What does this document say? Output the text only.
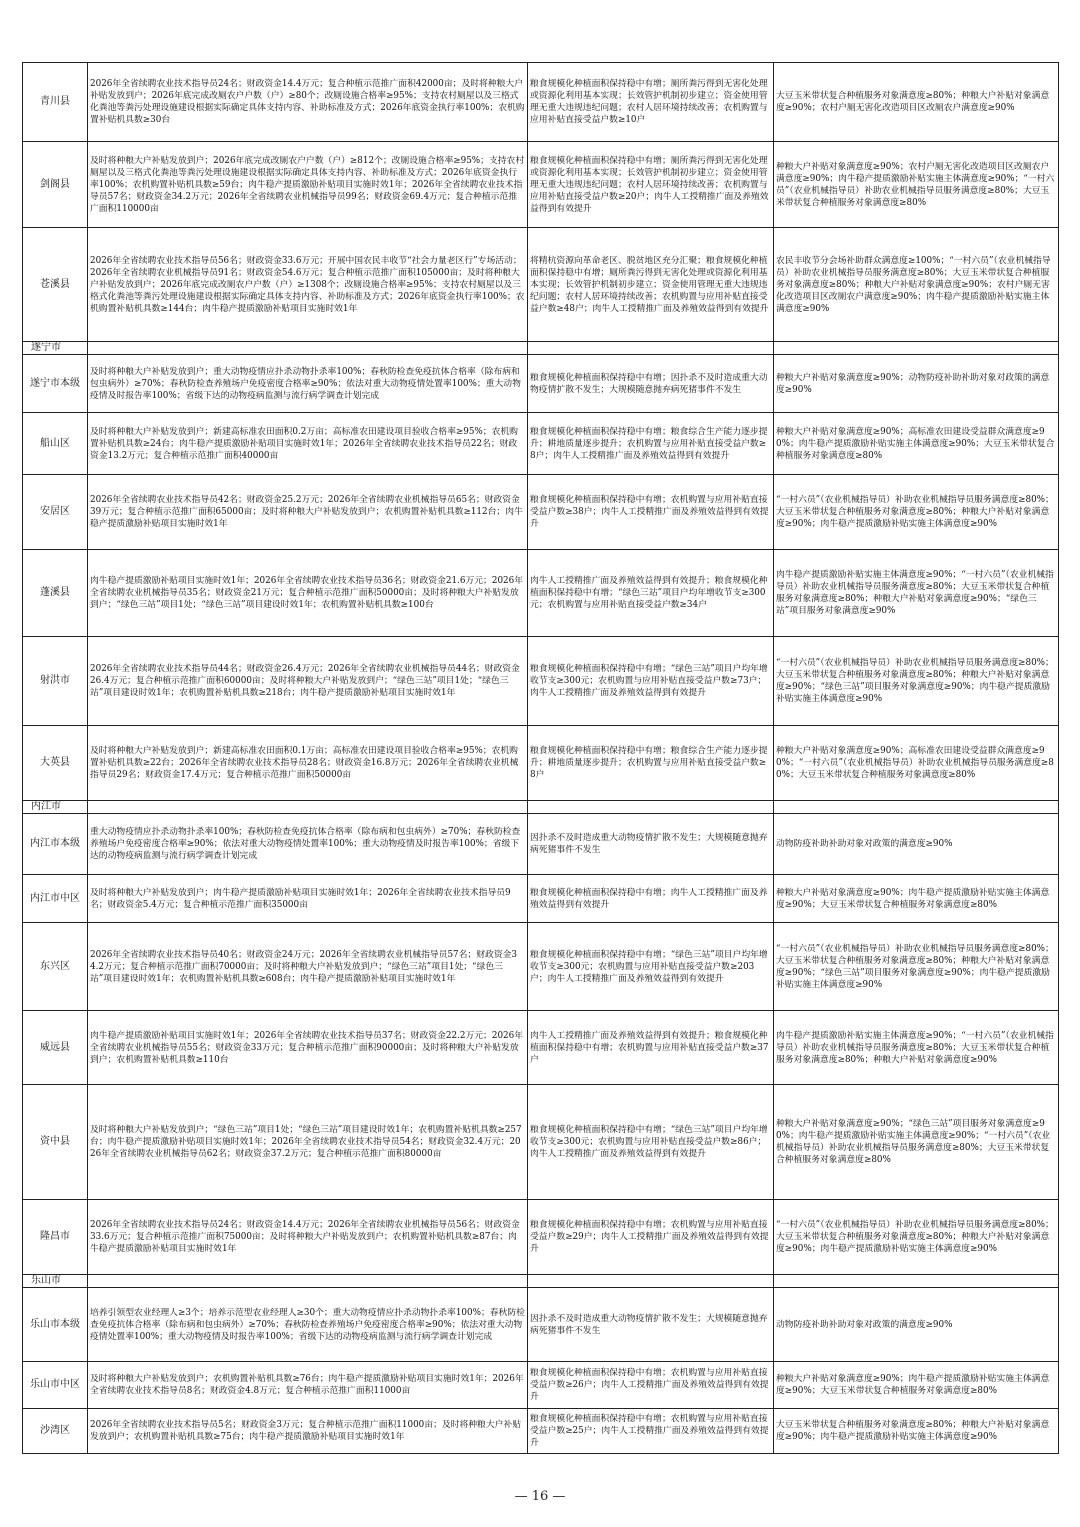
青川县	2026年全省续聘农业技术指导员24名；财政资金14.4万元；复合种植示范推广面积42000亩；及时将种粮大户补贴发放到户；2026年底完成改厕农户户数（户）≥80个；改厕设施合格率≥95%；支持农村厕屋以及三格式化粪池等粪污处理设施建设根据实际确定具体支持内容、补助标准及方式；2026年底资金执行率100%；农机购置补贴机具数≥30台	粮食规模化种植面积保持稳中有增；厕所粪污得到无害化处理或资源化利用基本实现；长效管护机制初步建立；资金使用管理无重大违规违纪问题；农村人居环境持续改善；农机购置与应用补贴直接受益户数≥10户	大豆玉米带状复合种植服务对象满意度≥80%；种粮大户补贴对象满意度≥90%；农村户厕无害化改造项目区改厕农户满意度≥90%
剑阁县	及时将种粮大户补贴发放到户；2026年底完成改厕农户户数（户）≥812个；改厕设施合格率≥95%；支持农村厕屋以及三格式化粪池等粪污处理设施建设根据实际确定具体支持内容、补助标准及方式；2026年底资金执行率100%；农机购置补贴机具数≥59台；肉牛稳产提质激励补贴项目实施时效1年；2026年全省续聘农业技术指导员57名；财政资金34.2万元；2026年全省续聘农业机械指导员99名；财政资金69.4万元；复合种植示范推广面积110000亩	粮食规模化种植面积保持稳中有增；厕所粪污得到无害化处理或资源化利用基本实现；长效管护机制初步建立；资金使用管理无重大违规违纪问题；农村人居环境持续改善；农机购置与应用补贴直接受益户数≥20户；肉牛人工授精推广面及养殖效益得到有效提升	种粮大户补贴对象满意度≥90%；农村户厕无害化改造项目区改厕农户满意度≥90%；肉牛稳产提质激励补贴实施主体满意度≥90%；“一村六员”（农业机械指导员）补助农业机械指导员服务满意度≥80%；大豆玉米带状复合种植服务对象满意度≥80%
苍溪县	2026年全省续聘农业技术指导员56名；财政资金33.6万元；开展中国农民丰收节“社会力量老区行”专场活动；2026年全省续聘农业机械指导员91名；财政资金54.6万元；复合种植示范推广面积105000亩；及时将种粮大户补贴发放到户；2026年底完成改厕农户户数（户）≥1308个；改厕设施合格率≥95%；支持农村厕屋以及三格式化粪池等粪污处理设施建设根据实际确定具体支持内容、补助标准及方式；2026年底资金执行率100%；农机购置补贴机具数≥144台；肉牛稳产提质激励补贴项目实施时效1年	将精杭资源向革命老区、脱贫地区充分汇聚；粮食规模化种植面积保持稳中有增；厕所粪污得到无害化处理或资源化利用基本实现；长效管护机制初步建立；资金使用管理无重大违规违纪问题；农村人居环境持续改善；农机购置与应用补贴直接受益户数≥48户；肉牛人工授精推广面及养殖效益得到有效提升	农民丰收节分会场补助群众满意度≥100%；“一村六员”（农业机械指导员）补助农业机械指导员服务满意度≥80%；大豆玉米带状复合种植服务对象满意度≥80%；种粮大户补贴对象满意度≥90%；农村户厕无害化改造项目区改厕农户满意度≥90%；肉牛稳产提质激励补贴实施主体满意度≥90%
遂宁市			
遂宁市本级	及时将种粮大户补贴发放到户；重大动物疫情应扑杀动物扑杀率100%；春秋防检查免疫抗体合格率（除布病和包虫病外）≥70%；春秋防检查养殖场户免疫密度合格率≥90%；依法对重大动物疫情处置率100%；重大动物疫情及时报告率100%；省级下达的动物疫病监测与流行病学调查计划完成	粮食规模化种植面积保持稳中有增；因扑杀不及时造成重大动物疫情扩散不发生；大规模随意抛弃病死猪事件不发生	种粮大户补贴对象满意度≥90%；动物防疫补助补助对象对政策的满意度≥90%
船山区	及时将种粮大户补贴发放到户；新建高标准农田面积0.2万亩；高标准农田建设项目验收合格率≥95%；农机购置补贴机具数≥24台；肉牛稳产提质激励补贴项目实施时效1年；2026年全省续聘农业技术指导员22名；财政资金13.2万元；复合种植示范推广面积40000亩	粮食规模化种植面积保持稳中有增；粮食综合生产能力逐步提升；耕地质量逐步提升；农机购置与应用补贴直接受益户数≥8户；肉牛人工授精推广面及养殖效益得到有效提升	种粮大户补贴对象满意度≥90%；高标准农田建设受益群众满意度≥90%；肉牛稳产提质激励补贴实施主体满意度≥90%；大豆玉米带状复合种植服务对象满意度≥80%
安居区	2026年全省续聘农业技术指导员42名；财政资金25.2万元；2026年全省续聘农业机械指导员65名；财政资金39万元；复合种植示范推广面积65000亩；及时将种粮大户补贴发放到户；农机购置补贴机具数≥112台；肉牛稳产提质激励补贴项目实施时效1年	粮食规模化种植面积保持稳中有增；农机购置与应用补贴直接受益户数≥38户；肉牛人工授精推广面及养殖效益得到有效提升	“一村六员”（农业机械指导员）补助农业机械指导员服务满意度≥80%；大豆玉米带状复合种植服务对象满意度≥80%；种粮大户补贴对象满意度≥90%；肉牛稳产提质激励补贴实施主体满意度≥90%
蓬溪县	肉牛稳产提质激励补贴项目实施时效1年；2026年全省续聘农业技术指导员36名；财政资金21.6万元；2026年全省续聘农业机械指导员35名；财政资金21万元；复合种植示范推广面积50000亩；及时将种粮大户补贴发放到户；“绿色三站”项目1处；“绿色三站”项目建设时效1年；农机购置补贴机具数≥100台	肉牛人工授精推广面及养殖效益得到有效提升；粮食规模化种植面积保持稳中有增；“绿色三站”项目户均年增收节支≥300元；农机购置与应用补贴直接受益户数≥34户	肉牛稳产提质激励补贴实施主体满意度≥90%；“一村六员”（农业机械指导员）补助农业机械指导员服务满意度≥80%；大豆玉米带状复合种植服务对象满意度≥80%；种粮大户补贴对象满意度≥90%；“绿色三站”项目服务对象满意度≥90%
射洪市	2026年全省续聘农业技术指导员44名；财政资金26.4万元；2026年全省续聘农业机械指导员44名；财政资金26.4万元；复合种植示范推广面积60000亩；及时将种粮大户补贴发放到户；“绿色三站”项目1处；“绿色三站”项目建设时效1年；农机购置补贴机具数≥218台；肉牛稳产提质激励补贴项目实施时效1年	粮食规模化种植面积保持稳中有增；“绿色三站”项目户均年增收节支≥300元；农机购置与应用补贴直接受益户数≥73户；肉牛人工授精推广面及养殖效益得到有效提升	“一村六员”（农业机械指导员）补助农业机械指导员服务满意度≥80%；大豆玉米带状复合种植服务对象满意度≥80%；种粮大户补贴对象满意度≥90%；“绿色三站”项目服务对象满意度≥90%；肉牛稳产提质激励补贴实施主体满意度≥90%
大英县	及时将种粮大户补贴发放到户；新建高标准农田面积0.1万亩；高标准农田建设项目验收合格率≥95%；农机购置补贴机具数≥22台；2026年全省续聘农业技术指导员28名；财政资金16.8万元；2026年全省续聘农业机械指导员29名；财政资金17.4万元；复合种植示范推广面积50000亩	粮食规模化种植面积保持稳中有增；粮食综合生产能力逐步提升；耕地质量逐步提升；农机购置与应用补贴直接受益户数≥8户	种粮大户补贴对象满意度≥90%；高标准农田建设受益群众满意度≥90%；“一村六员”（农业机械指导员）补助农业机械指导员服务满意度≥80%；大豆玉米带状复合种植服务对象满意度≥80%
内江市			
内江市本级	重大动物疫情应扑杀动物扑杀率100%；春秋防检查免疫抗体合格率（除布病和包虫病外）≥70%；春秋防检查养殖场户免疫密度合格率≥90%；依法对重大动物疫情处置率100%；重大动物疫情及时报告率100%；省级下达的动物疫病监测与流行病学调查计划完成	因扑杀不及时造成重大动物疫情扩散不发生；大规模随意抛弃病死猪事件不发生	动物防疫补助补助对象对政策的满意度≥90%
内江市中区	及时将种粮大户补贴发放到户；肉牛稳产提质激励补贴项目实施时效1年；2026年全省续聘农业技术指导员9名；财政资金5.4万元；复合种植示范推广面积35000亩	粮食规模化种植面积保持稳中有增；肉牛人工授精推广面及养殖效益得到有效提升	种粮大户补贴对象满意度≥90%；肉牛稳产提质激励补贴实施主体满意度≥90%；大豆玉米带状复合种植服务对象满意度≥80%
东兴区	2026年全省续聘农业技术指导员40名；财政资金24万元；2026年全省续聘农业机械指导员57名；财政资金34.2万元；复合种植示范推广面积70000亩；及时将种粮大户补贴发放到户；“绿色三站”项目1处；“绿色三站”项目建设时效1年；农机购置补贴机具数≥608台；肉牛稳产提质激励补贴项目实施时效1年	粮食规模化种植面积保持稳中有增；“绿色三站”项目户均年增收节支≥300元；农机购置与应用补贴直接受益户数≥203户；肉牛人工授精推广面及养殖效益得到有效提升	“一村六员”（农业机械指导员）补助农业机械指导员服务满意度≥80%；大豆玉米带状复合种植服务对象满意度≥80%；种粮大户补贴对象满意度≥90%；“绿色三站”项目服务对象满意度≥90%；肉牛稳产提质激励补贴实施主体满意度≥90%
威远县	肉牛稳产提质激励补贴项目实施时效1年；2026年全省续聘农业技术指导员37名；财政资金22.2万元；2026年全省续聘农业机械指导员55名；财政资金33万元；复合种植示范推广面积90000亩；及时将种粮大户补贴发放到户；农机购置补贴机具数≥110台	肉牛人工授精推广面及养殖效益得到有效提升；粮食规模化种植面积保持稳中有增；农机购置与应用补贴直接受益户数≥37户	肉牛稳产提质激励补贴实施主体满意度≥90%；“一村六员”（农业机械指导员）补助农业机械指导员服务满意度≥80%；大豆玉米带状复合种植服务对象满意度≥80%；种粮大户补贴对象满意度≥90%
资中县	及时将种粮大户补贴发放到户；“绿色三站”项目1处；“绿色三站”项目建设时效1年；农机购置补贴机具数≥257台；肉牛稳产提质激励补贴项目实施时效1年；2026年全省续聘农业技术指导员54名；财政资金32.4万元；2026年全省续聘农业机械指导员62名；财政资金37.2万元；复合种植示范推广面积80000亩	粮食规模化种植面积保持稳中有增；“绿色三站”项目户均年增收节支≥300元；农机购置与应用补贴直接受益户数≥86户；肉牛人工授精推广面及养殖效益得到有效提升	种粮大户补贴对象满意度≥90%；“绿色三站”项目服务对象满意度≥90%；肉牛稳产提质激励补贴实施主体满意度≥90%；“一村六员”（农业机械指导员）补助农业机械指导员服务满意度≥80%；大豆玉米带状复合种植服务对象满意度≥80%
隆昌市	2026年全省续聘农业技术指导员24名；财政资金14.4万元；2026年全省续聘农业机械指导员56名；财政资金33.6万元；复合种植示范推广面积75000亩；及时将种粮大户补贴发放到户；农机购置补贴机具数≥87台；肉牛稳产提质激励补贴项目实施时效1年	粮食规模化种植面积保持稳中有增；农机购置与应用补贴直接受益户数≥29户；肉牛人工授精推广面及养殖效益得到有效提升	“一村六员”（农业机械指导员）补助农业机械指导员服务满意度≥80%；大豆玉米带状复合种植服务对象满意度≥80%；种粮大户补贴对象满意度≥90%；肉牛稳产提质激励补贴实施主体满意度≥90%
乐山市			
乐山市本级	培养引领型农业经理人≥3个；培养示范型农业经理人≥30个；重大动物疫情应扑杀动物扑杀率100%；春秋防检查免疫抗体合格率（除布病和包虫病外）≥70%；春秋防检查养殖场户免疫密度合格率≥90%；依法对重大动物疫情处置率100%；重大动物疫情及时报告率100%；省级下达的动物疫病监测与流行病学调查计划完成	因扑杀不及时造成重大动物疫情扩散不发生；大规模随意抛弃病死猪事件不发生	动物防疫补助补助对象对政策的满意度≥90%
乐山市中区	及时将种粮大户补贴发放到户；农机购置补贴机具数≥76台；肉牛稳产提质激励补贴项目实施时效1年；2026年全省续聘农业技术指导员8名；财政资金4.8万元；复合种植示范推广面积11000亩	粮食规模化种植面积保持稳中有增；农机购置与应用补贴直接受益户数≥26户；肉牛人工授精推广面及养殖效益得到有效提升	种粮大户补贴对象满意度≥90%；肉牛稳产提质激励补贴实施主体满意度≥90%；大豆玉米带状复合种植服务对象满意度≥80%
沙湾区	2026年全省续聘农业技术指导员5名；财政资金3万元；复合种植示范推广面积11000亩；及时将种粮大户补贴发放到户；农机购置补贴机具数≥75台；肉牛稳产提质激励补贴项目实施时效1年	粮食规模化种植面积保持稳中有增；农机购置与应用补贴直接受益户数≥25户；肉牛人工授精推广面及养殖效益得到有效提升	大豆玉米带状复合种植服务对象满意度≥80%；种粮大户补贴对象满意度≥90%；肉牛稳产提质激励补贴实施主体满意度≥90%
— 16 —
